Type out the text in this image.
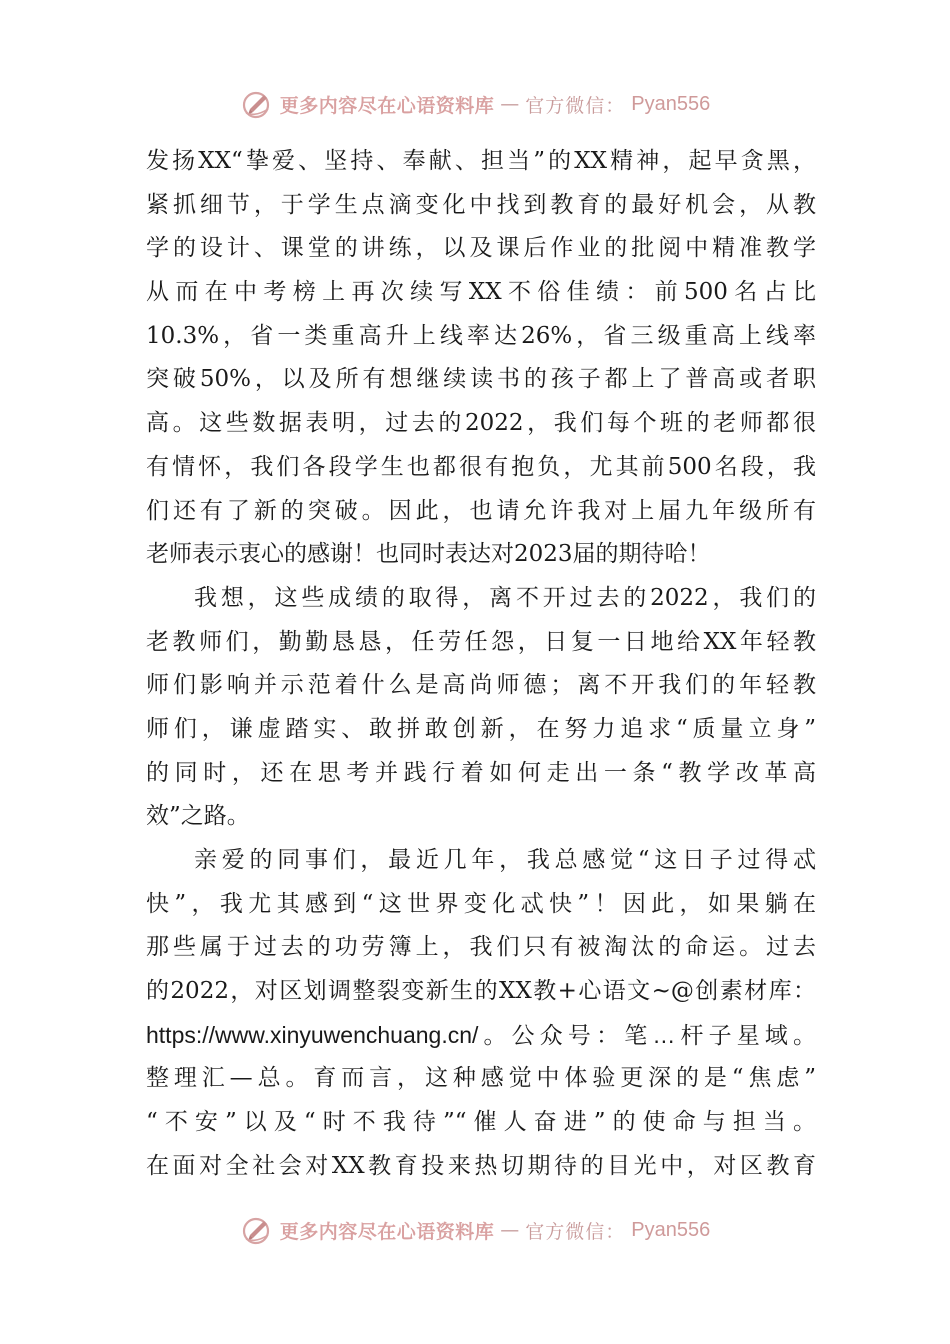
更多内容尽在心语资料库 — 官方微信： Pyan556
发扬XX“挚爱、坚持、奉献、担当”的XX精神，起早贪黑，
紧抓细节，于学生点滴变化中找到教育的最好机会，从教
学的设计、课堂的讲练，以及课后作业的批阅中精准教学
从而在中考榜上再次续写XX不俗佳绩：前500名占比
10.3%，省一类重高升上线率达26%，省三级重高上线率
突破50%，以及所有想继续读书的孩子都上了普高或者职
高。这些数据表明，过去的2022，我们每个班的老师都很
有情怀，我们各段学生也都很有抱负，尤其前500名段，我
们还有了新的突破。因此，也请允许我对上届九年级所有
老师表示衷心的感谢！也同时表达对2023届的期待哈！
我想，这些成绩的取得，离不开过去的2022，我们的
老教师们，勤勤恳恳，任劳任怨，日复一日地给XX年轻教
师们影响并示范着什么是高尚师德；离不开我们的年轻教
师们，谦虚踏实、敢拼敢创新，在努力追求“质量立身”
的同时，还在思考并践行着如何走出一条“教学改革高
效”之路。
亲爱的同事们，最近几年，我总感觉“这日子过得忒
快”，我尤其感到“这世界变化忒快”！因此，如果躺在
那些属于过去的功劳簿上，我们只有被淘汰的命运。过去
的2022，对区划调整裂变新生的XX教+心语文~@创素材库：
https://www.xinyuwenchuang.cn/。公众号：笔…杆子星域。
整理汇—总。育而言，这种感觉中体验更深的是“焦虑”
“不安”以及“时不我待”“催人奋进”的使命与担当。
在面对全社会对XX教育投来热切期待的目光中，对区教育
更多内容尽在心语资料库 — 官方微信： Pyan556
